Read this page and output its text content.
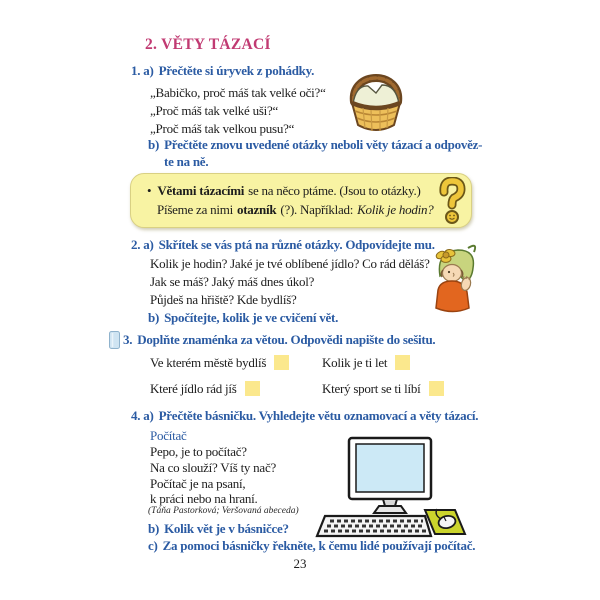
2. VĚTY TÁZACÍ
1. a) Přečtěte si úryvek z pohádky.
„Babičko, proč máš tak velké oči?“
„Proč máš tak velké uši?“
„Proč máš tak velkou pusu?“
b) Přečtěte znovu uvedené otázky neboli věty tázací a odpověz-
te na ně.
• Větami tázacími se na něco ptáme. (Jsou to otázky.)
Píšeme za nimi otazník (?). Například: Kolik je hodin?
2. a) Skřítek se vás ptá na různé otázky. Odpovídejte mu.
Kolik je hodin? Jaké je tvé oblíbené jídlo? Co rád děláš?
Jak se máš? Jaký máš dnes úkol?
Půjdeš na hřiště? Kde bydlíš?
b) Spočítejte, kolik je ve cvičení vět.
3. Doplňte znaménka za větou. Odpovědi napište do sešitu.
Ve kterém městě bydlíš	Kolik je ti let
Které jídlo rád jíš	Který sport se ti líbí
4. a) Přečtěte básničku. Vyhledejte větu oznamovací a věty tázací.
Počítač
Pepo, je to počítač?
Na co slouží? Víš ty nač?
Počítač je na psaní,
k práci nebo na hraní.
(Táňa Pastorková; Veršovaná abeceda)
b) Kolik vět je v básničce?
c) Za pomoci básničky řekněte, k čemu lidé používají počítač.
23
